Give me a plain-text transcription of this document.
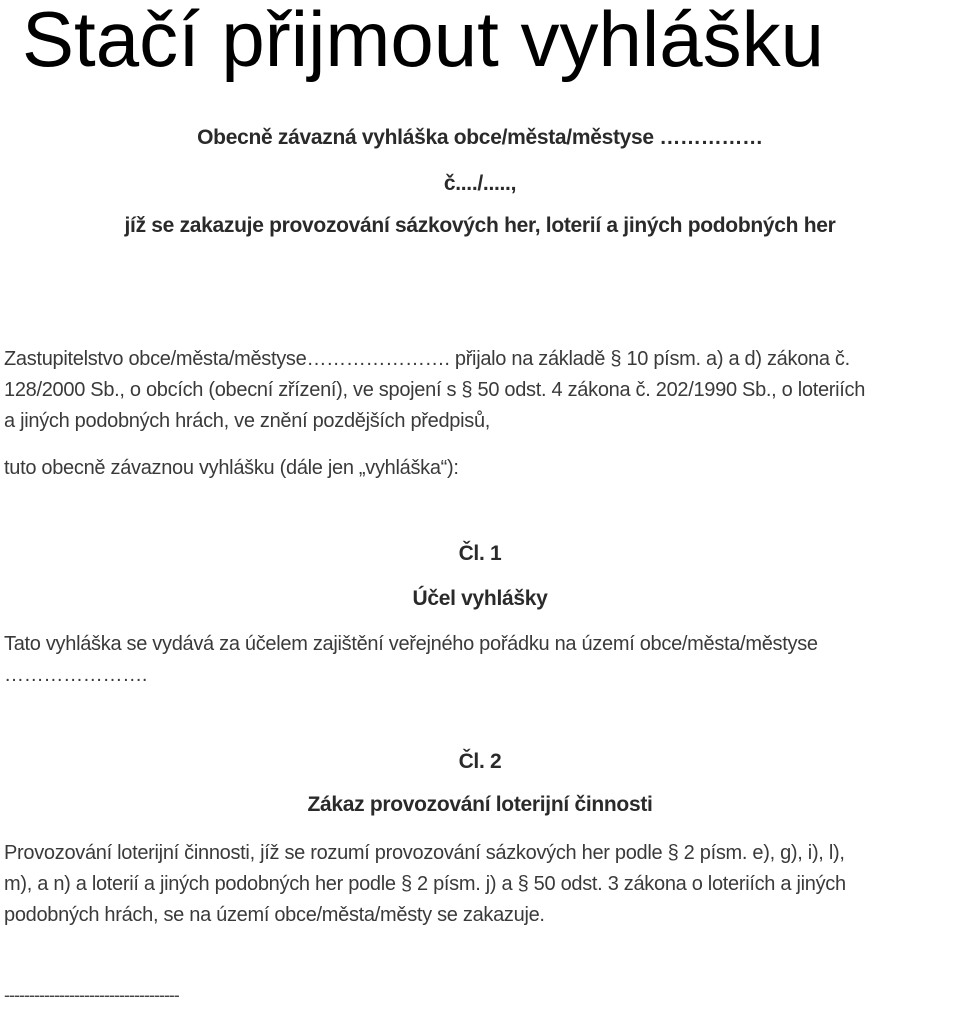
Stačí přijmout vyhlášku
Obecně závazná vyhláška obce/města/městyse ……………
č..../.....,
jíž se zakazuje provozování sázkových her, loterií a jiných podobných her
Zastupitelstvo obce/města/městyse…………………. přijalo na základě § 10 písm. a) a d) zákona č.
128/2000 Sb., o obcích (obecní zřízení), ve spojení s § 50 odst. 4 zákona č. 202/1990 Sb., o loteriích
a jiných podobných hrách, ve znění pozdějších předpisů,
tuto obecně závaznou vyhlášku (dále jen „vyhláška“):
Čl. 1
Účel vyhlášky
Tato vyhláška se vydává za účelem zajištění veřejného pořádku na území obce/města/městyse
………………….
Čl. 2
Zákaz provozování loterijní činnosti
Provozování loterijní činnosti, jíž se rozumí provozování sázkových her podle § 2 písm. e), g), i), l),
m), a n) a loterií a jiných podobných her podle § 2 písm. j) a § 50 odst. 3 zákona o loteriích a jiných
podobných hrách, se na území obce/města/městy se zakazuje.
-----------------------------------
